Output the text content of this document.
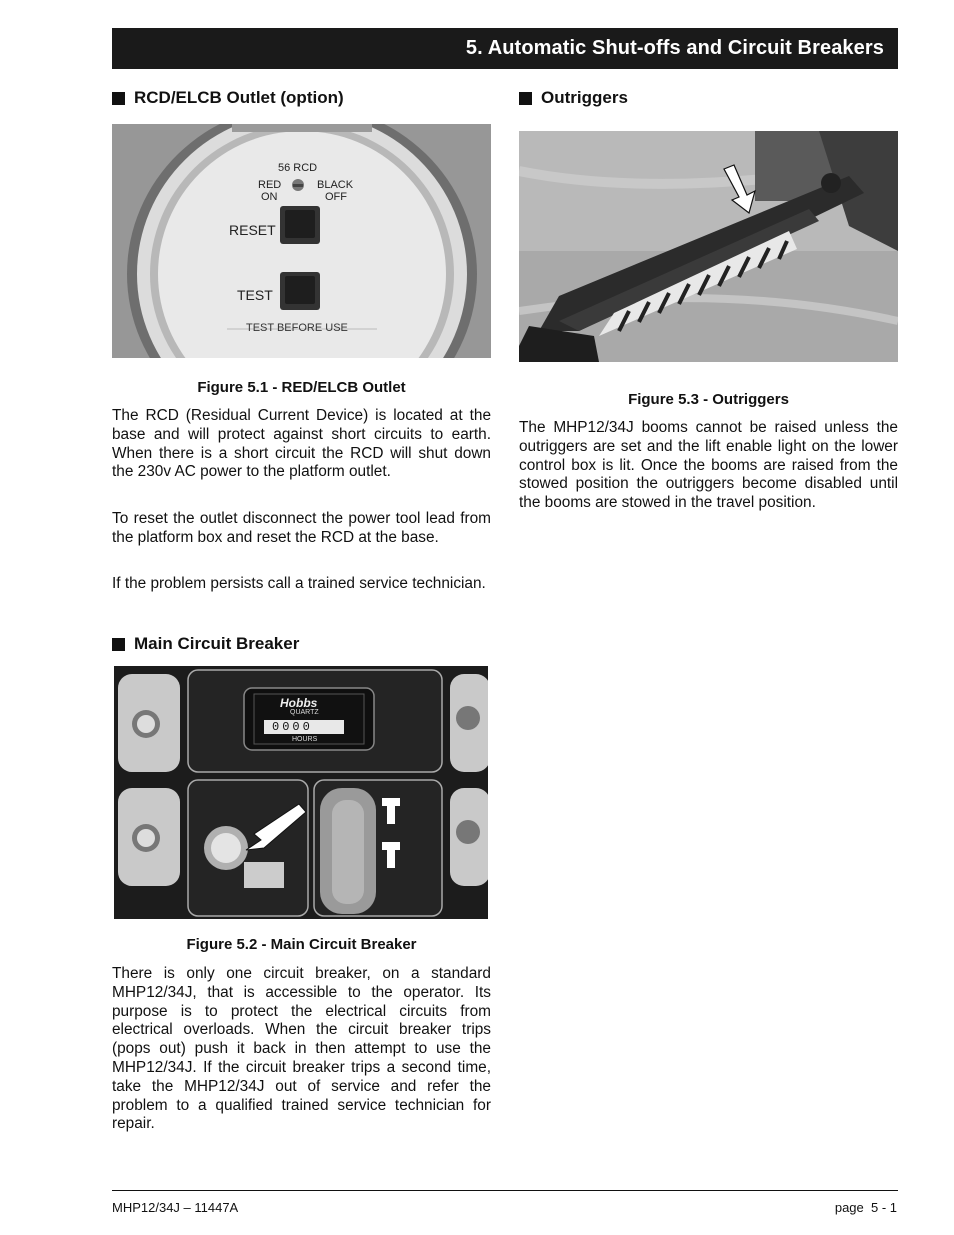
5. Automatic Shut-offs and Circuit Breakers
RCD/ELCB Outlet (option)
56 RCD
RED
ON
BLACK
OFF
RESET
TEST
TEST BEFORE USE
Figure 5.1 - RED/ELCB Outlet

The RCD (Residual Current Device) is located at the base and will protect against short circuits to earth. When there is a short circuit the RCD will shut down the 230v AC power to the platform outlet.

To reset the outlet disconnect the power tool lead from the platform box and reset the RCD at the base.

If the problem persists call a trained service technician.

Main Circuit Breaker
Hobbs
QUARTZ
0000
HOURS
Figure 5.2 - Main Circuit Breaker

There is only one circuit breaker, on a standard MHP12/34J, that is accessible to the operator. Its purpose is to protect the electrical circuits from electrical overloads. When the circuit breaker trips (pops out) push it back in then attempt to use the MHP12/34J. If the circuit breaker trips a second time, take the MHP12/34J out of service and refer the problem to a qualified trained service technician for repair.

Outriggers
Figure 5.3 - Outriggers

The MHP12/34J booms cannot be raised unless the outriggers are set and the lift enable light on the lower control box is lit. Once the booms are raised from the stowed position the outriggers become disabled until the booms are stowed in the travel position.

MHP12/34J – 11447A	page  5 - 1
